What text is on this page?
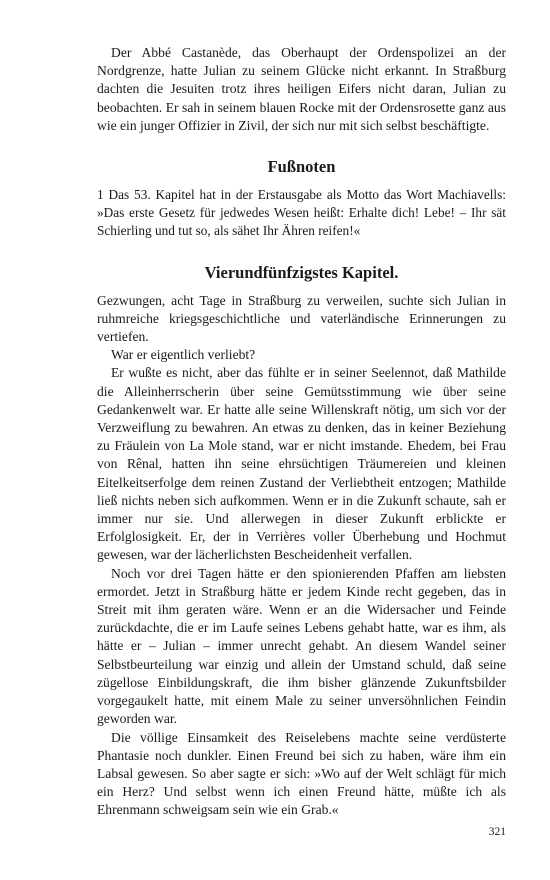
Der Abbé Castanède, das Oberhaupt der Ordenspolizei an der Nordgrenze, hatte Julian zu seinem Glücke nicht erkannt. In Straßburg dachten die Jesuiten trotz ihres heiligen Eifers nicht daran, Julian zu beobachten. Er sah in seinem blauen Rocke mit der Ordensrosette ganz aus wie ein junger Offizier in Zivil, der sich nur mit sich selbst beschäftigte.

Fußnoten

1 Das 53. Kapitel hat in der Erstausgabe als Motto das Wort Machiavells: »Das erste Gesetz für jedwedes Wesen heißt: Erhalte dich! Lebe! – Ihr sät Schierling und tut so, als sähet Ihr Ähren reifen!«

Vierundfünfzigstes Kapitel.

Gezwungen, acht Tage in Straßburg zu verweilen, suchte sich Julian in ruhmreiche kriegsgeschichtliche und vaterländische Erinnerungen zu vertiefen.

War er eigentlich verliebt?

Er wußte es nicht, aber das fühlte er in seiner Seelennot, daß Mathilde die Alleinherrscherin über seine Gemütsstimmung wie über seine Gedankenwelt war. Er hatte alle seine Willenskraft nötig, um sich vor der Verzweiflung zu bewahren. An etwas zu denken, das in keiner Beziehung zu Fräulein von La Mole stand, war er nicht imstande. Ehedem, bei Frau von Rênal, hatten ihn seine ehrsüchtigen Träumereien und kleinen Eitelkeitserfolge dem reinen Zustand der Verliebtheit entzogen; Mathilde ließ nichts neben sich aufkommen. Wenn er in die Zukunft schaute, sah er immer nur sie. Und allerwegen in dieser Zukunft erblickte er Erfolglosigkeit. Er, der in Verrières voller Überhebung und Hochmut gewesen, war der lächerlichsten Bescheidenheit verfallen.

Noch vor drei Tagen hätte er den spionierenden Pfaffen am liebsten ermordet. Jetzt in Straßburg hätte er jedem Kinde recht gegeben, das in Streit mit ihm geraten wäre. Wenn er an die Widersacher und Feinde zurückdachte, die er im Laufe seines Lebens gehabt hatte, war es ihm, als hätte er – Julian – immer unrecht gehabt. An diesem Wandel seiner Selbstbeurteilung war einzig und allein der Umstand schuld, daß seine zügellose Einbildungskraft, die ihm bisher glänzende Zukunftsbilder vorgegaukelt hatte, mit einem Male zu seiner unversöhnlichen Feindin geworden war.

Die völlige Einsamkeit des Reiselebens machte seine verdüsterte Phantasie noch dunkler. Einen Freund bei sich zu haben, wäre ihm ein Labsal gewesen. So aber sagte er sich: »Wo auf der Welt schlägt für mich ein Herz? Und selbst wenn ich einen Freund hätte, müßte ich als Ehrenmann schweigsam sein wie ein Grab.«

321
